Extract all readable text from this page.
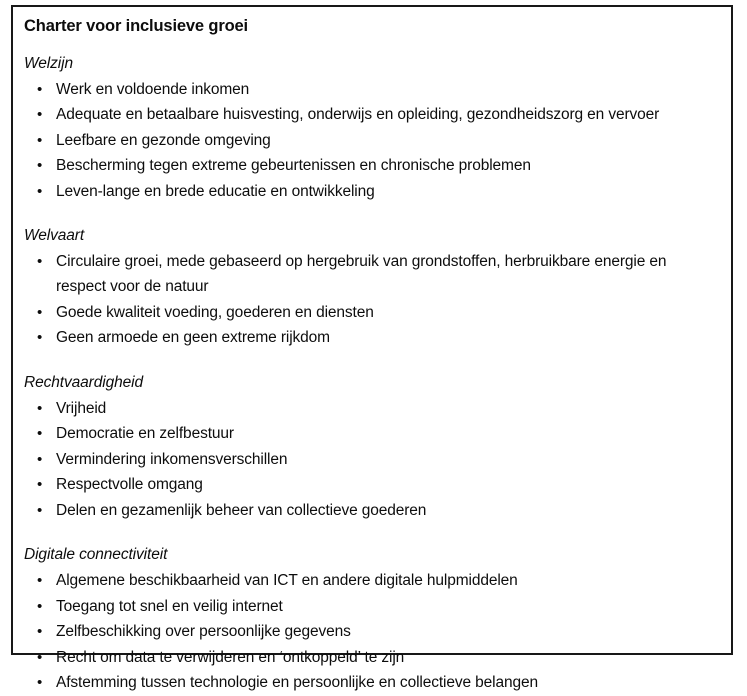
Charter voor inclusieve groei
Welzijn
• Werk en voldoende inkomen
• Adequate en betaalbare huisvesting, onderwijs en opleiding, gezondheidszorg en vervoer
• Leefbare en gezonde omgeving
• Bescherming tegen extreme gebeurtenissen en chronische problemen
• Leven-lange en brede educatie en ontwikkeling
Welvaart
• Circulaire groei, mede gebaseerd op hergebruik van grondstoffen, herbruikbare energie en respect voor de natuur
• Goede kwaliteit voeding, goederen en diensten
• Geen armoede en geen extreme rijkdom
Rechtvaardigheid
• Vrijheid
• Democratie en zelfbestuur
• Vermindering inkomensverschillen
• Respectvolle omgang
• Delen en gezamenlijk beheer van collectieve goederen
Digitale connectiviteit
• Algemene beschikbaarheid van ICT en andere digitale hulpmiddelen
• Toegang tot snel en veilig internet
• Zelfbeschikking over persoonlijke gegevens
• Recht om data te verwijderen en ‘ontkoppeld’ te zijn
• Afstemming tussen technologie en persoonlijke en collectieve belangen
